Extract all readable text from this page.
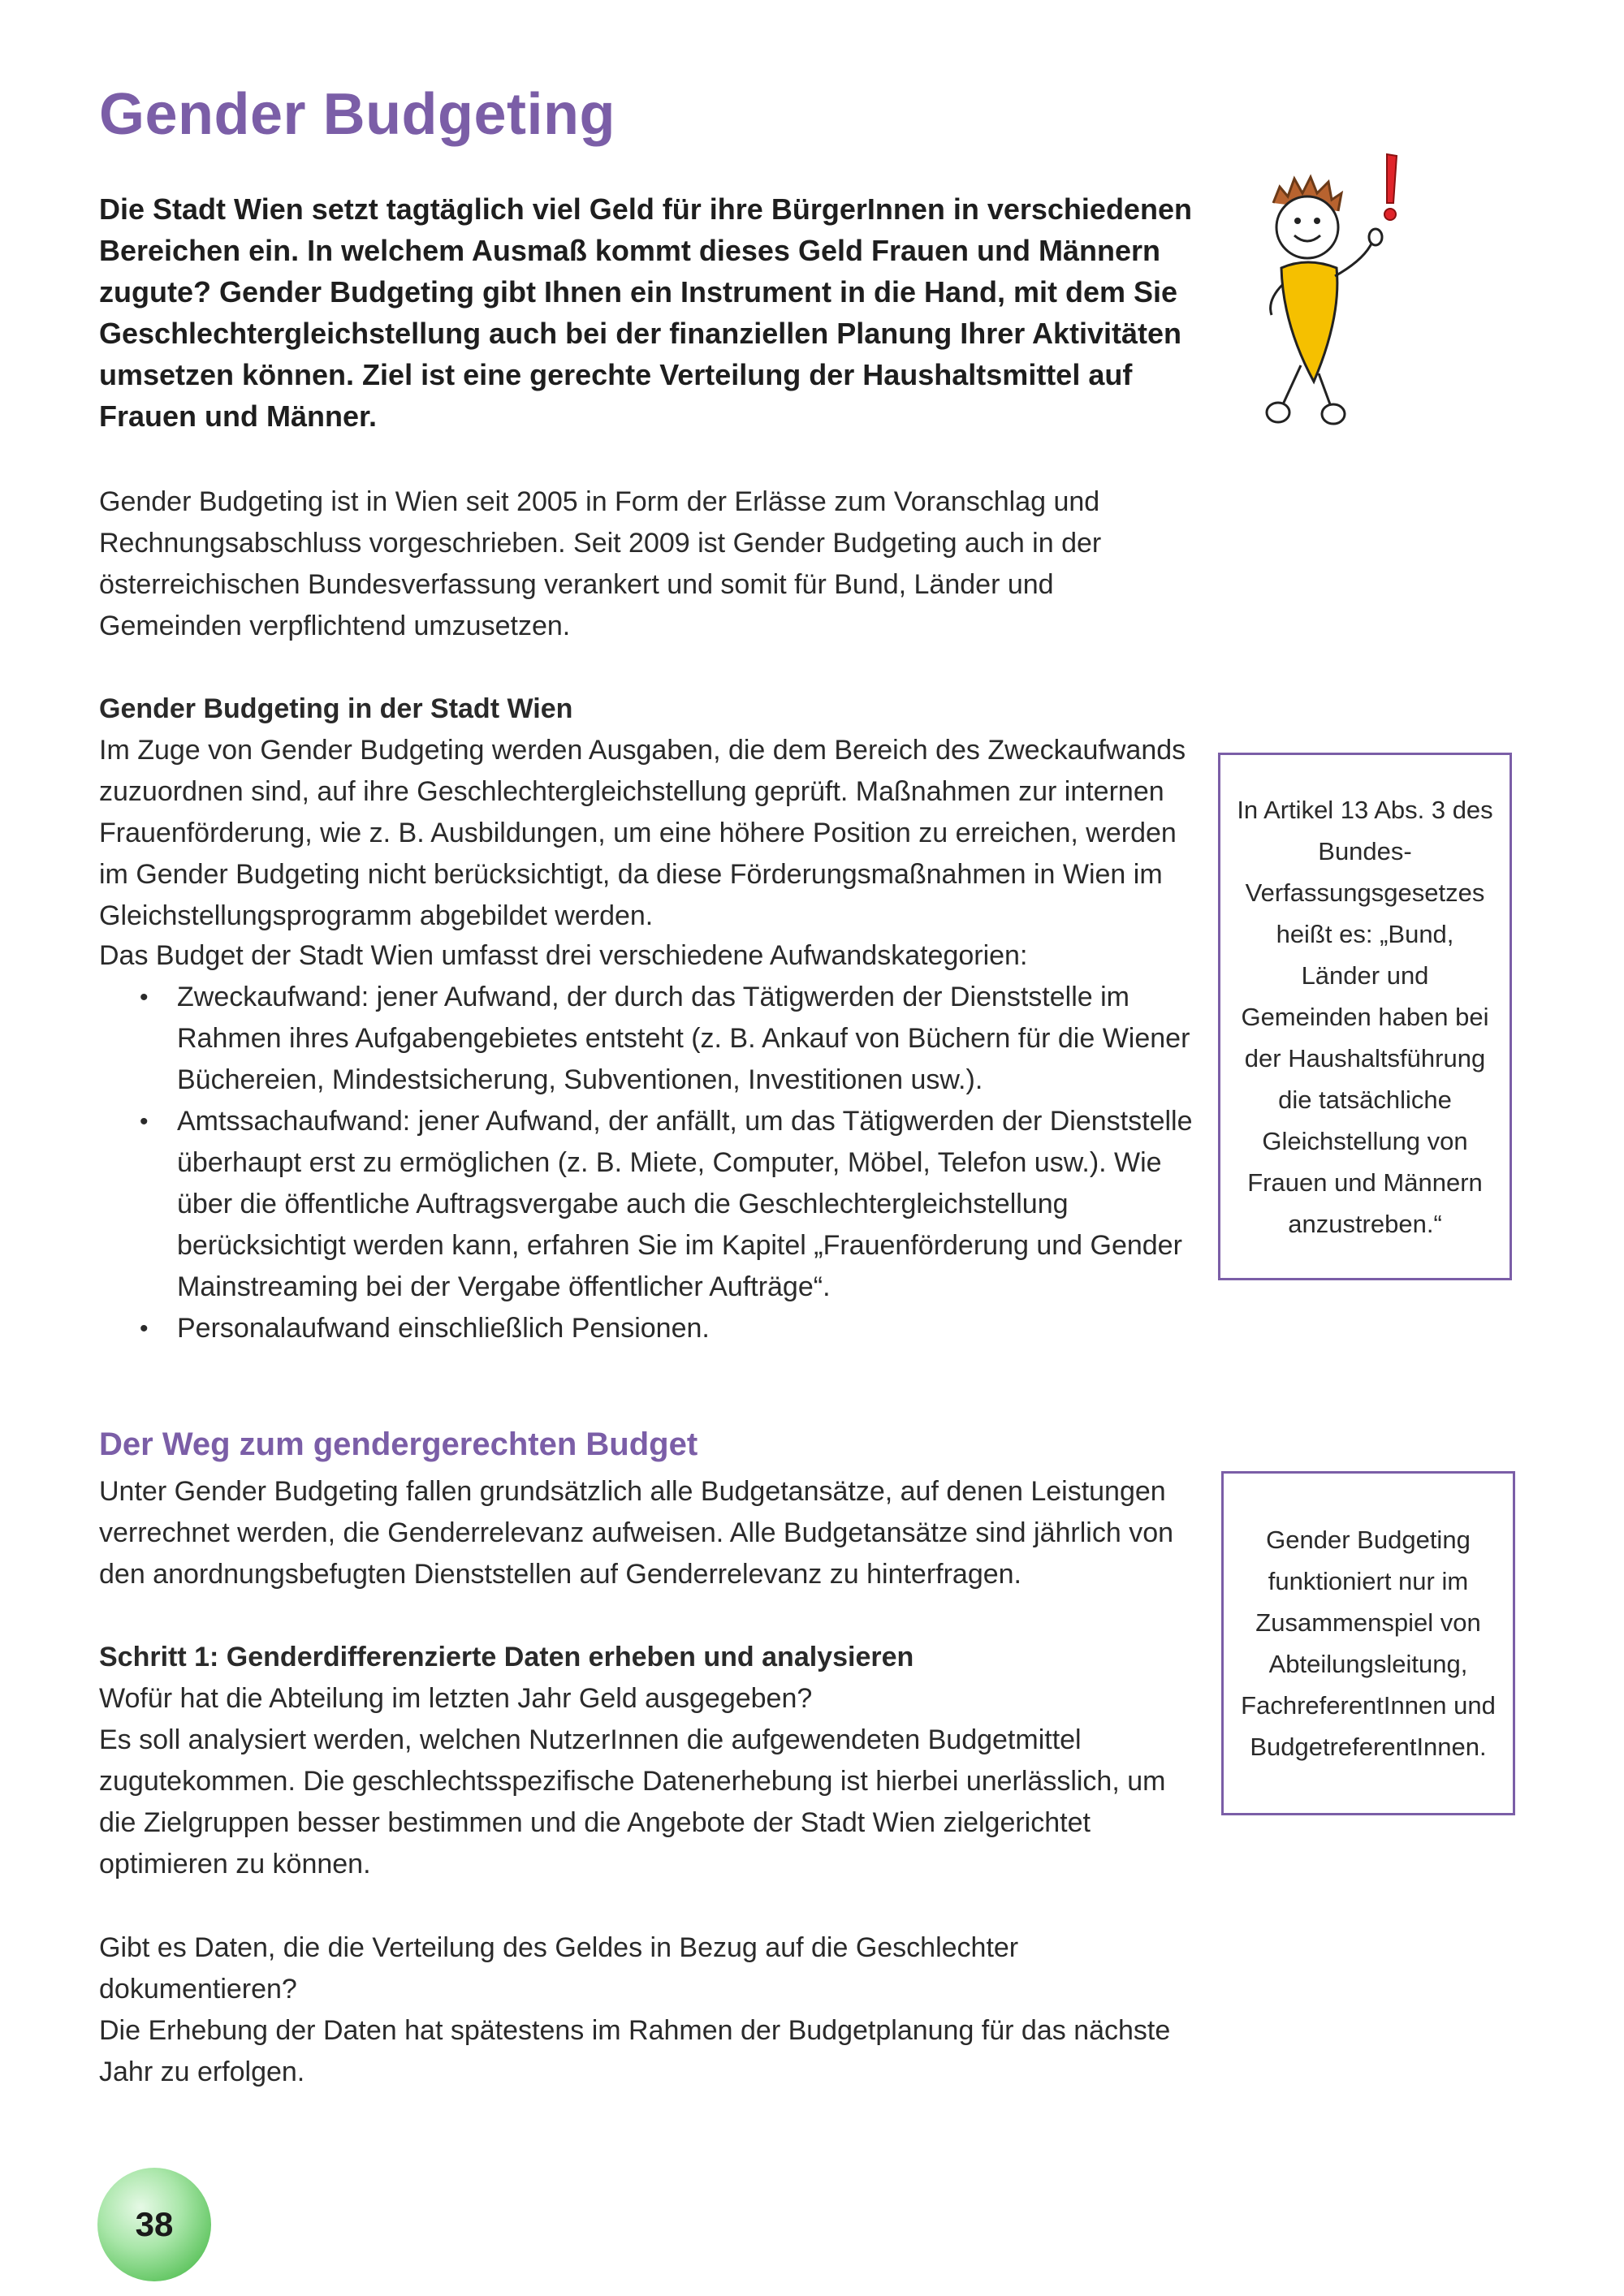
Gender Budgeting

Die Stadt Wien setzt tagtäglich viel Geld für ihre BürgerInnen in verschiedenen Bereichen ein. In welchem Ausmaß kommt dieses Geld Frauen und Männern zugute? Gender Budgeting gibt Ihnen ein Instrument in die Hand, mit dem Sie Geschlechtergleichstellung auch bei der finanziellen Planung Ihrer Aktivitäten umsetzen können. Ziel ist eine gerechte Verteilung der Haushaltsmittel auf Frauen und Männer.

Gender Budgeting ist in Wien seit 2005 in Form der Erlässe zum Voranschlag und Rechnungsabschluss vorgeschrieben. Seit 2009 ist Gender Budgeting auch in der österreichischen Bundesverfassung verankert und somit für Bund, Länder und Gemeinden verpflichtend umzusetzen.

Gender Budgeting in der Stadt Wien
Im Zuge von Gender Budgeting werden Ausgaben, die dem Bereich des Zweckaufwands zuzuordnen sind, auf ihre Geschlechtergleichstellung geprüft. Maßnahmen zur internen Frauenförderung, wie z. B. Ausbildungen, um eine höhere Position zu erreichen, werden im Gender Budgeting nicht berücksichtigt, da diese Förderungsmaßnahmen in Wien im Gleichstellungsprogramm abgebildet werden.

Das Budget der Stadt Wien umfasst drei verschiedene Aufwandskategorien:

• Zweckaufwand: jener Aufwand, der durch das Tätigwerden der Dienststelle im Rahmen ihres Aufgabengebietes entsteht (z. B. Ankauf von Büchern für die Wiener Büchereien, Mindestsicherung, Subventionen, Investitionen usw.).
• Amtssachaufwand: jener Aufwand, der anfällt, um das Tätigwerden der Dienststelle überhaupt erst zu ermöglichen (z. B. Miete, Computer, Möbel, Telefon usw.). Wie über die öffentliche Auftragsvergabe auch die Geschlechtergleichstellung berücksichtigt werden kann, erfahren Sie im Kapitel „Frauenförderung und Gender Mainstreaming bei der Vergabe öffentlicher Aufträge“.
• Personalaufwand einschließlich Pensionen.
Der Weg zum gendergerechten Budget

Unter Gender Budgeting fallen grundsätzlich alle Budgetansätze, auf denen Leistungen verrechnet werden, die Genderrelevanz aufweisen. Alle Budgetansätze sind jährlich von den anordnungsbefugten Dienststellen auf Genderrelevanz zu hinterfragen.

Schritt 1: Genderdifferenzierte Daten erheben und analysieren
Wofür hat die Abteilung im letzten Jahr Geld ausgegeben?
Es soll analysiert werden, welchen NutzerInnen die aufgewendeten Budgetmittel zugutekommen. Die geschlechtsspezifische Datenerhebung ist hierbei unerlässlich, um die Zielgruppen besser bestimmen und die Angebote der Stadt Wien zielgerichtet optimieren zu können.

Gibt es Daten, die die Verteilung des Geldes in Bezug auf die Geschlechter dokumentieren?
Die Erhebung der Daten hat spätestens im Rahmen der Budgetplanung für das nächste Jahr zu erfolgen.

In Artikel 13 Abs. 3 des Bundes-Verfassungsgesetzes heißt es: „Bund, Länder und Gemeinden haben bei der Haushaltsführung die tatsächliche Gleichstellung von Frauen und Männern anzustreben.“
Gender Budgeting funktioniert nur im Zusammenspiel von Abteilungsleitung, FachreferentInnen und BudgetreferentInnen.
38
